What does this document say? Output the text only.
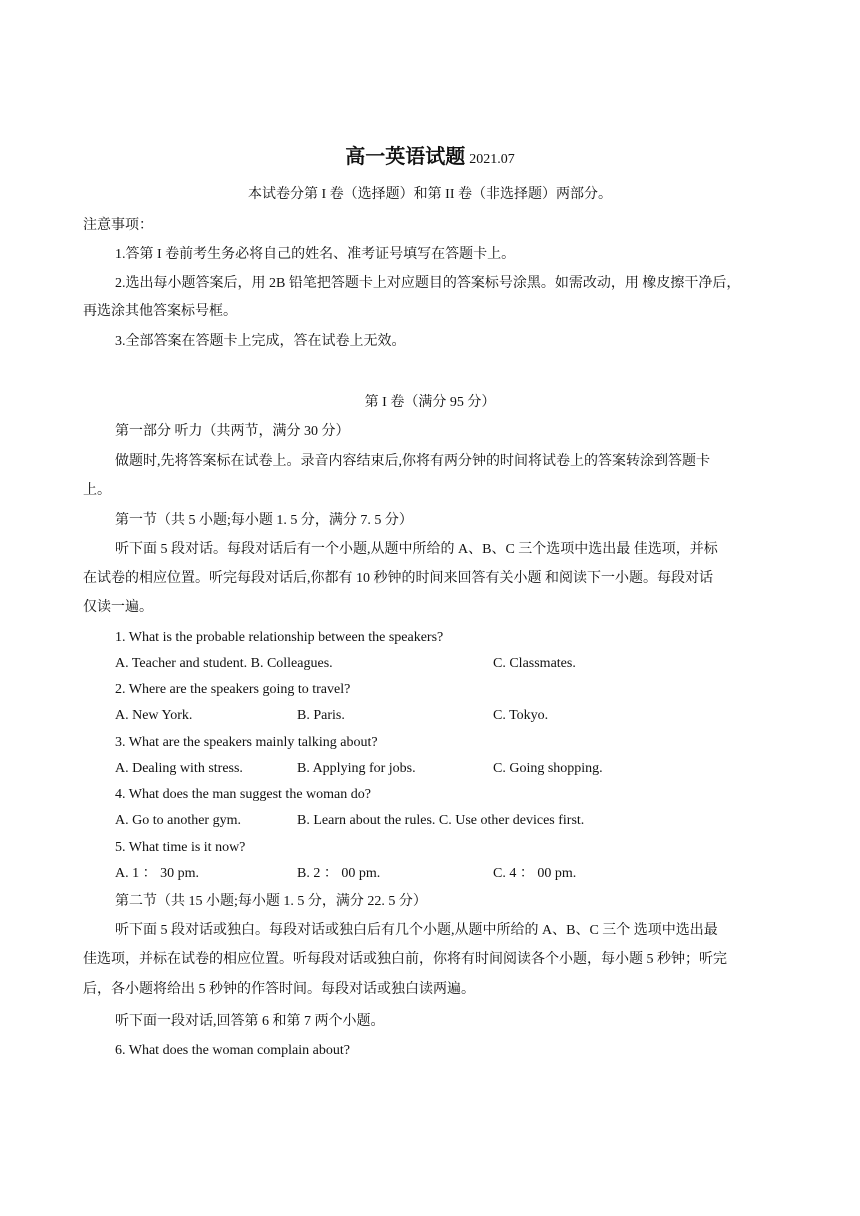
高一英语试题 2021.07
本试卷分第 I 卷（选择题）和第 II 卷（非选择题）两部分。
注意事项：
1.答第 I 卷前考生务必将自己的姓名、准考证号填写在答题卡上。
2.选出每小题答案后，用 2B 铅笔把答题卡上对应题目的答案标号涂黑。如需改动，用 橡皮擦干净后，
再选涂其他答案标号框。
3.全部答案在答题卡上完成，答在试卷上无效。
第 I 卷（满分 95 分）
第一部分 听力（共两节，满分 30 分）
做题时,先将答案标在试卷上。录音内容结束后,你将有两分钟的时间将试卷上的答案转涂到答题卡
上。
第一节（共 5 小题;每小题 1. 5 分，满分 7. 5 分）
听下面 5 段对话。每段对话后有一个小题,从题中所给的 A、B、C 三个选项中选出最 佳选项，并标
在试卷的相应位置。听完每段对话后,你都有 10 秒钟的时间来回答有关小题 和阅读下一小题。每段对话
仅读一遍。
1. What is the probable relationship between the speakers?
A. Teacher and student. B. Colleagues.	C. Classmates.
2. Where are the speakers going to travel?
A. New York.	B. Paris.	C. Tokyo.
3. What are the speakers mainly talking about?
A. Dealing with stress.	B. Applying for jobs.	C. Going shopping.
4. What does the man suggest the woman do?
A. Go to another gym.	B. Learn about the rules. C. Use other devices first.
5. What time is it now?
A. 1 ： 30 pm.	B. 2 ： 00 pm.	C. 4 ： 00 pm.
第二节（共 15 小题;每小题 1. 5 分，满分 22. 5 分）
听下面 5 段对话或独白。每段对话或独白后有几个小题,从题中所给的 A、B、C 三个 选项中选出最
佳选项，并标在试卷的相应位置。听每段对话或独白前，你将有时间阅读各个小题，每小题 5 秒钟；听完
后，各小题将给出 5 秒钟的作答时间。每段对话或独白读两遍。
听下面一段对话,回答第 6 和第 7 两个小题。
6. What does the woman complain about?
